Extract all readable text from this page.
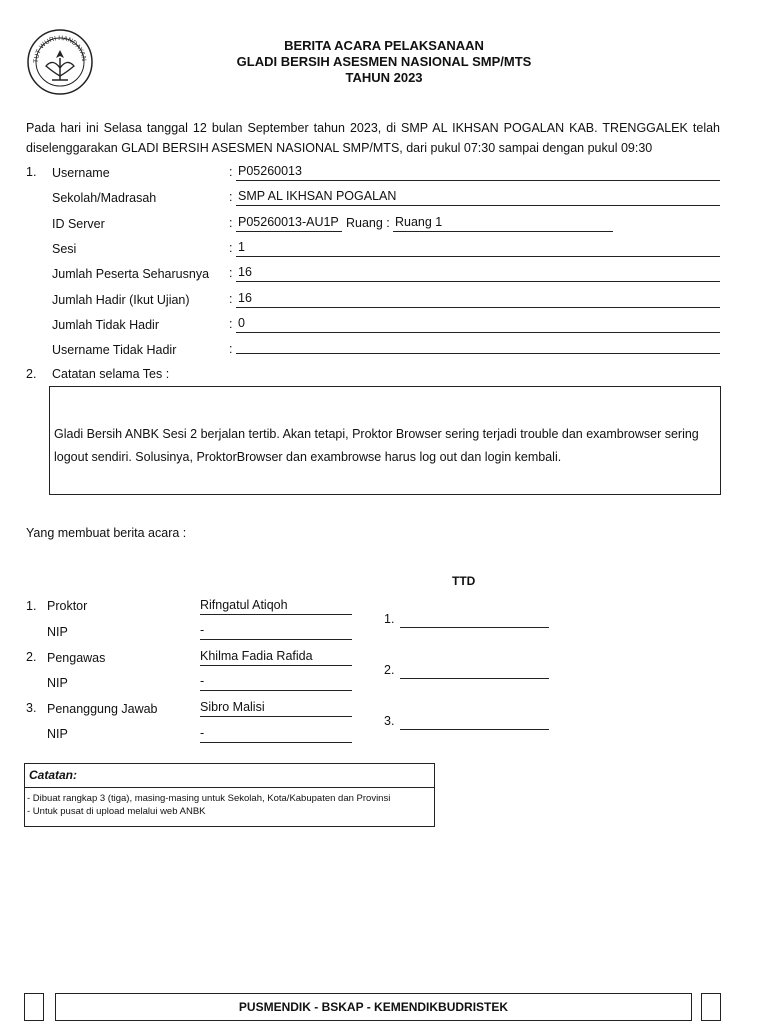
TUT WURI HANDAYAN
BERITA ACARA PELAKSANAAN
GLADI BERSIH ASESMEN NASIONAL SMP/MTS
TAHUN 2023
Pada hari ini Selasa tanggal 12 bulan September tahun 2023, di SMP AL IKHSAN POGALAN KAB. TRENGGALEK telah diselenggarakan GLADI BERSIH ASESMEN NASIONAL SMP/MTS, dari pukul 07:30 sampai dengan pukul 09:30
1. Username	: P05260013
Sekolah/Madrasah	: SMP AL IKHSAN POGALAN
ID Server	: P05260013-AU1P Ruang : Ruang 1
Sesi	: 1
Jumlah Peserta Seharusnya : 16
Jumlah Hadir (Ikut Ujian)	: 16
Jumlah Tidak Hadir	: 0
Username Tidak Hadir	:
2. Catatan selama Tes :
Gladi Bersih ANBK Sesi 2 berjalan tertib. Akan tetapi, Proktor Browser sering terjadi trouble dan exambrowser sering logout sendiri. Solusinya, ProktorBrowser dan exambrowse harus log out dan login kembali.
Yang membuat berita acara :
TTD
1. Proktor	Rifngatul Atiqoh
NIP	-
1.
2. Pengawas	Khilma Fadia Rafida
NIP	-
2.
3. Penanggung Jawab	Sibro Malisi
NIP	-
3.
Catatan:
- Dibuat rangkap 3 (tiga), masing-masing untuk Sekolah, Kota/Kabupaten dan Provinsi
- Untuk pusat di upload melalui web ANBK
PUSMENDIK - BSKAP - KEMENDIKBUDRISTEK
